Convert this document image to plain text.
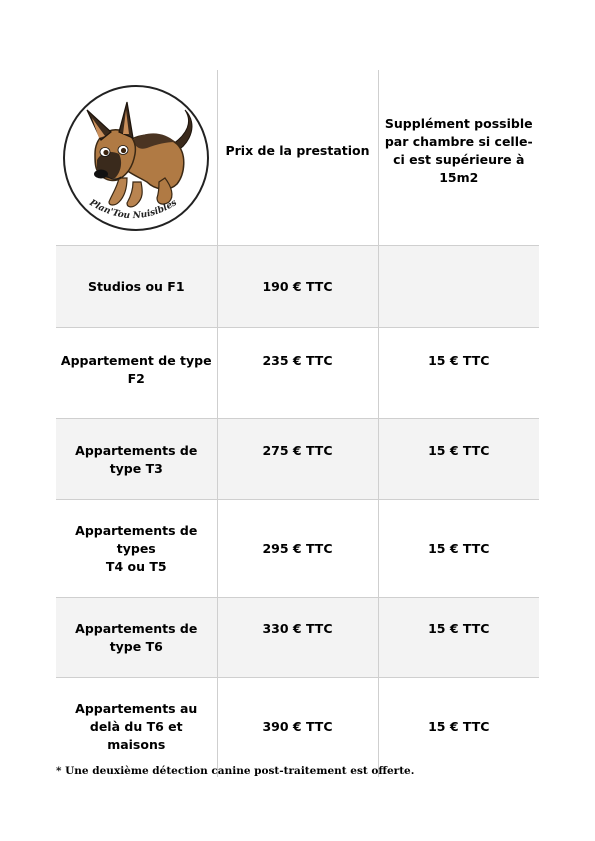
Plan'Tou Nuisibles	Prix de la prestation	Supplément possible par chambre si celle-ci est supérieure à 15m2

Studios ou F1	190 € TTC	

Appartement de type F2	235 € TTC	15 € TTC

Appartements de type T3	275 € TTC	15 € TTC

Appartements de types
T4 ou T5	295 € TTC	15 € TTC

Appartements de type T6	330 € TTC	15 € TTC

Appartements au delà du T6 et maisons	390 € TTC	15 € TTC
* Une deuxième détection canine post-traitement est offerte.
